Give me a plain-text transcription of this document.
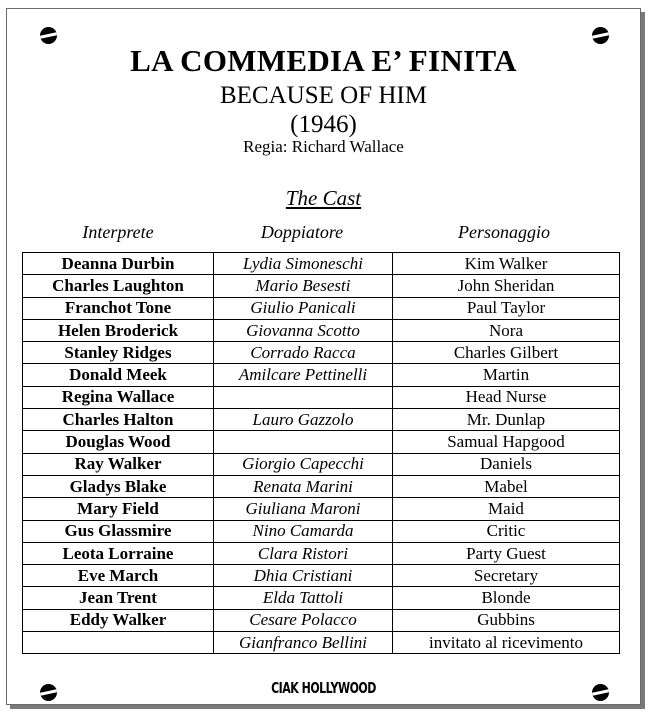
LA COMMEDIA E’ FINITA
BECAUSE OF HIM
(1946)
Regia: Richard Wallace
The Cast
Interprete	Doppiatore	Personaggio
Deanna Durbin	Lydia Simoneschi	Kim Walker
Charles Laughton	Mario Besesti	John Sheridan
Franchot Tone	Giulio Panicali	Paul Taylor
Helen Broderick	Giovanna Scotto	Nora
Stanley Ridges	Corrado Racca	Charles Gilbert
Donald Meek	Amilcare Pettinelli	Martin
Regina Wallace		Head Nurse
Charles Halton	Lauro Gazzolo	Mr. Dunlap
Douglas Wood		Samual Hapgood
Ray Walker	Giorgio Capecchi	Daniels
Gladys Blake	Renata Marini	Mabel
Mary Field	Giuliana Maroni	Maid
Gus Glassmire	Nino Camarda	Critic
Leota Lorraine	Clara Ristori	Party Guest
Eve March	Dhia Cristiani	Secretary
Jean Trent	Elda Tattoli	Blonde
Eddy Walker	Cesare Polacco	Gubbins
	Gianfranco Bellini	invitato al ricevimento
CIAK HOLLYWOOD
